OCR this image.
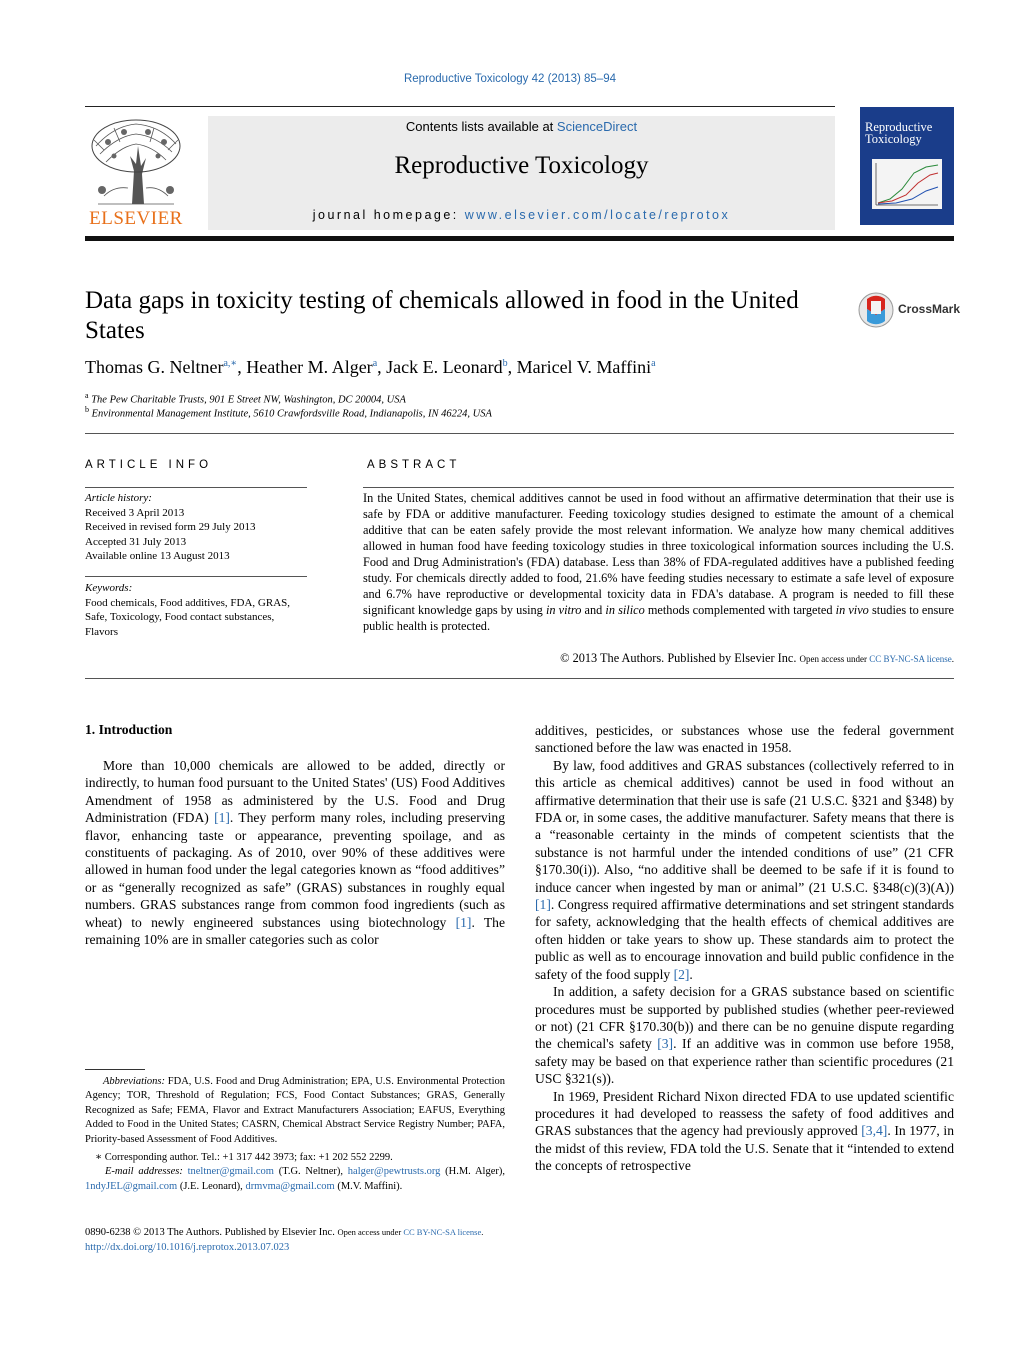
Reproductive Toxicology 42 (2013) 85–94
ELSEVIER
Contents lists available at ScienceDirect
Reproductive Toxicology
journal homepage: www.elsevier.com/locate/reprotox
Reproductive Toxicology
Data gaps in toxicity testing of chemicals allowed in food in the United States
CrossMark
Thomas G. Neltner$^{a,∗}$, Heather M. Alger$^a$, Jack E. Leonard$^b$, Maricel V. Maffini$^a$
$^a$ The Pew Charitable Trusts, 901 E Street NW, Washington, DC 20004, USA
$^b$ Environmental Management Institute, 5610 Crawfordsville Road, Indianapolis, IN 46224, USA
ARTICLE INFO
Article history:
Received 3 April 2013
Received in revised form 29 July 2013
Accepted 31 July 2013
Available online 13 August 2013
Keywords:
Food chemicals, Food additives, FDA, GRAS, Safe, Toxicology, Food contact substances, Flavors
ABSTRACT
In the United States, chemical additives cannot be used in food without an affirmative determination that their use is safe by FDA or additive manufacturer. Feeding toxicology studies designed to estimate the amount of a chemical additive that can be eaten safely provide the most relevant information. We analyze how many chemical additives allowed in human food have feeding toxicology studies in three toxicological information sources including the U.S. Food and Drug Administration's (FDA) database. Less than 38% of FDA-regulated additives have a published feeding study. For chemicals directly added to food, 21.6% have feeding studies necessary to estimate a safe level of exposure and 6.7% have reproductive or developmental toxicity data in FDA's database. A program is needed to fill these significant knowledge gaps by using in vitro and in silico methods complemented with targeted in vivo studies to ensure public health is protected.
© 2013 The Authors. Published by Elsevier Inc. Open access under CC BY-NC-SA license.
1. Introduction

More than 10,000 chemicals are allowed to be added, directly or indirectly, to human food pursuant to the United States' (US) Food Additives Amendment of 1958 as administered by the U.S. Food and Drug Administration (FDA) [1]. They perform many roles, including preserving flavor, enhancing taste or appearance, preventing spoilage, and as constituents of packaging. As of 2010, over 90% of these additives were allowed in human food under the legal categories known as “food additives” or as “generally recognized as safe” (GRAS) substances in roughly equal numbers. GRAS substances range from common food ingredients (such as wheat) to newly engineered substances using biotechnology [1]. The remaining 10% are in smaller categories such as color

additives, pesticides, or substances whose use the federal government sanctioned before the law was enacted in 1958.

By law, food additives and GRAS substances (collectively referred to in this article as chemical additives) cannot be used in food without an affirmative determination that their use is safe (21 U.S.C. §321 and §348) by FDA or, in some cases, the additive manufacturer. Safety means that there is a “reasonable certainty in the minds of competent scientists that the substance is not harmful under the intended conditions of use” (21 CFR §170.30(i)). Also, “no additive shall be deemed to be safe if it is found to induce cancer when ingested by man or animal” (21 U.S.C. §348(c)(3)(A)) [1]. Congress required affirmative determinations and set stringent standards for safety, acknowledging that the health effects of chemical additives are often hidden or take years to show up. These standards aim to protect the public as well as to encourage innovation and build public confidence in the safety of the food supply [2].

In addition, a safety decision for a GRAS substance based on scientific procedures must be supported by published studies (whether peer-reviewed or not) (21 CFR §170.30(b)) and there can be no genuine dispute regarding the chemical's safety [3]. If an additive was in common use before 1958, safety may be based on that experience rather than scientific procedures (21 USC §321(s)).

In 1969, President Richard Nixon directed FDA to use updated scientific procedures it had developed to reassess the safety of food additives and GRAS substances that the agency had previously approved [3,4]. In 1977, in the midst of this review, FDA told the U.S. Senate that it “intended to extend the concepts of retrospective

Abbreviations: FDA, U.S. Food and Drug Administration; EPA, U.S. Environmental Protection Agency; TOR, Threshold of Regulation; FCS, Food Contact Substances; GRAS, Generally Recognized as Safe; FEMA, Flavor and Extract Manufacturers Association; EAFUS, Everything Added to Food in the United States; CASRN, Chemical Abstract Service Registry Number; PAFA, Priority-based Assessment of Food Additives.

∗ Corresponding author. Tel.: +1 317 442 3973; fax: +1 202 552 2299.

E-mail addresses: tneltner@gmail.com (T.G. Neltner), halger@pewtrusts.org (H.M. Alger), 1ndyJEL@gmail.com (J.E. Leonard), drmvma@gmail.com (M.V. Maffini).

0890-6238 © 2013 The Authors. Published by Elsevier Inc. Open access under CC BY-NC-SA license.
http://dx.doi.org/10.1016/j.reprotox.2013.07.023
